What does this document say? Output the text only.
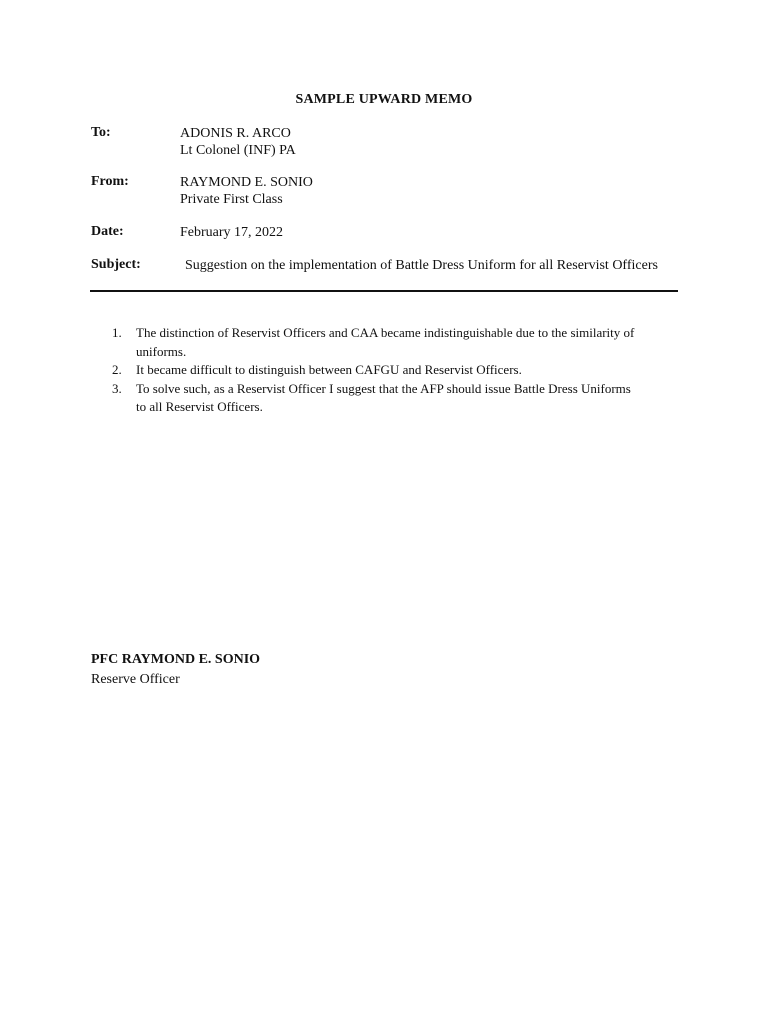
SAMPLE UPWARD MEMO
To:	ADONIS R. ARCO
Lt Colonel (INF) PA
From:	RAYMOND E. SONIO
Private First Class
Date:	February 17, 2022
Subject:	Suggestion on the implementation of Battle Dress Uniform for all Reservist Officers
1. The distinction of Reservist Officers and CAA became indistinguishable due to the similarity of
uniforms.
2. It became difficult to distinguish between CAFGU and Reservist Officers.
3. To solve such, as a Reservist Officer I suggest that the AFP should issue Battle Dress Uniforms
to all Reservist Officers.
PFC RAYMOND E. SONIO
Reserve Officer
